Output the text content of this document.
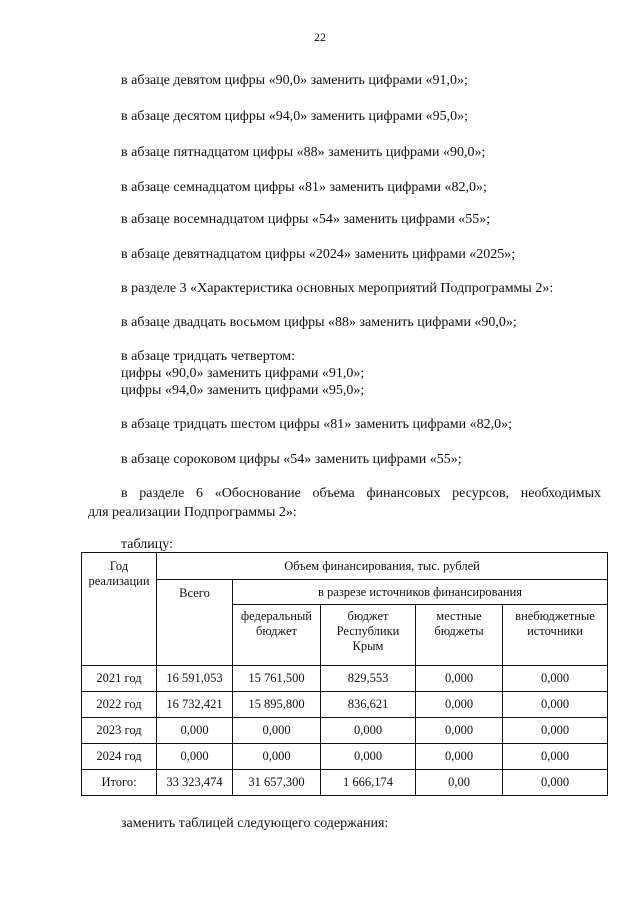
22
в абзаце девятом цифры «90,0» заменить цифрами «91,0»;
в абзаце десятом цифры «94,0» заменить цифрами «95,0»;
в абзаце пятнадцатом цифры «88» заменить цифрами «90,0»;
в абзаце семнадцатом цифры «81» заменить цифрами «82,0»;
в абзаце восемнадцатом цифры «54» заменить цифрами «55»;
в абзаце девятнадцатом цифры «2024» заменить цифрами «2025»;
в разделе 3 «Характеристика основных мероприятий Подпрограммы 2»:
в абзаце двадцать восьмом цифры «88» заменить цифрами «90,0»;
в абзаце тридцать четвертом:
цифры «90,0» заменить цифрами «91,0»;
цифры «94,0» заменить цифрами «95,0»;
в абзаце тридцать шестом цифры «81» заменить цифрами «82,0»;
в абзаце сороковом цифры «54» заменить цифрами «55»;
в разделе 6 «Обоснование объема финансовых ресурсов, необходимых
для реализации Подпрограммы 2»:
таблицу:
Год реализации	Объем финансирования, тыс. рублей				
	Всего	в разрезе источников финансирования			
		федеральный бюджет	бюджет Республики Крым	местные бюджеты	внебюджетные источники
2021 год	16 591,053	15 761,500	829,553	0,000	0,000
2022 год	16 732,421	15 895,800	836,621	0,000	0,000
2023 год	0,000	0,000	0,000	0,000	0,000
2024 год	0,000	0,000	0,000	0,000	0,000
Итого:	33 323,474	31 657,300	1 666,174	0,00	0,000
заменить таблицей следующего содержания:
